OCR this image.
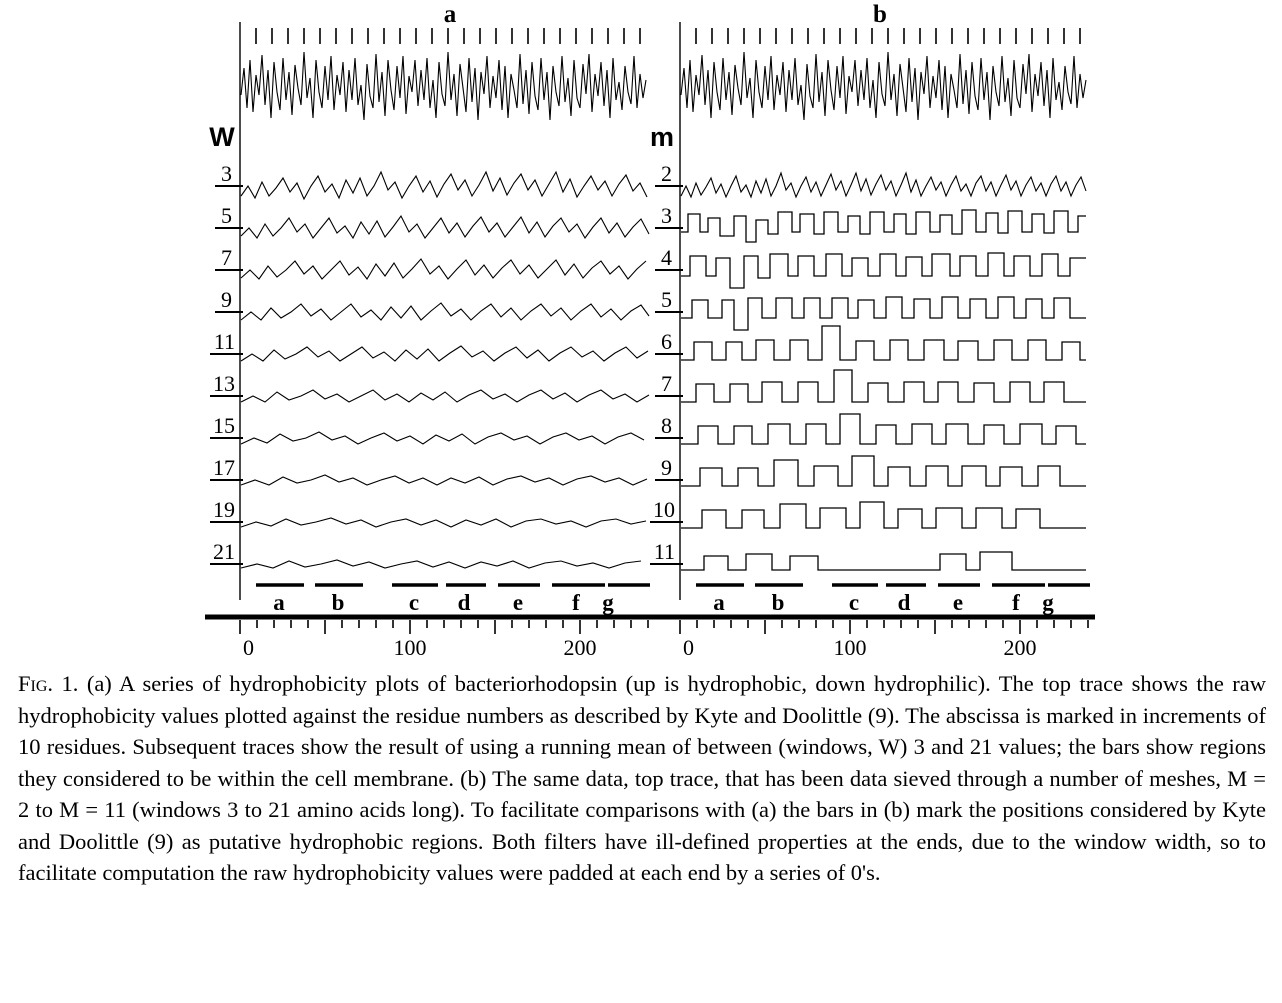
a	b
W	m
3
5
7
9
11
13
15
17
19
21
a b	c d e f g
0	100	200
2
3
4
5
6
7
8
9
10
11
a b	c d e f g
0	100	200
Fig. 1. (a) A series of hydrophobicity plots of bacteriorhodopsin (up is hydrophobic, down hydrophilic). The top trace shows the raw hydrophobicity values plotted against the residue numbers as described by Kyte and Doolittle (9). The abscissa is marked in increments of 10 residues. Subsequent traces show the result of using a running mean of between (windows, W) 3 and 21 values; the bars show regions they considered to be within the cell membrane. (b) The same data, top trace, that has been data sieved through a number of meshes, M = 2 to M = 11 (windows 3 to 21 amino acids long). To facilitate comparisons with (a) the bars in (b) mark the positions considered by Kyte and Doolittle (9) as putative hydrophobic regions. Both filters have ill-defined properties at the ends, due to the window width, so to facilitate computation the raw hydrophobicity values were padded at each end by a series of 0's.
